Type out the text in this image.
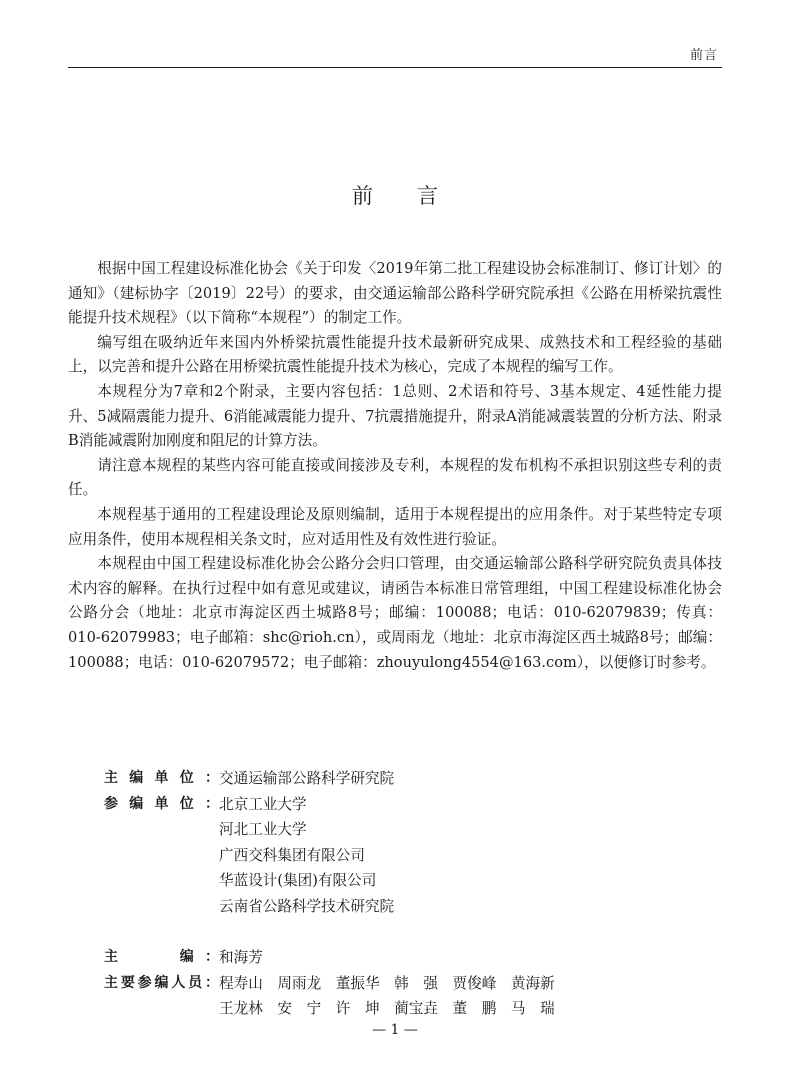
前言
前言

根据中国工程建设标准化协会《关于印发〈2019年第二批工程建设协会标准制订、修订计划〉的通知》（建标协字〔2019〕22号）的要求，由交通运输部公路科学研究院承担《公路在用桥梁抗震性能提升技术规程》（以下简称“本规程”）的制定工作。

编写组在吸纳近年来国内外桥梁抗震性能提升技术最新研究成果、成熟技术和工程经验的基础上，以完善和提升公路在用桥梁抗震性能提升技术为核心，完成了本规程的编写工作。

本规程分为7章和2个附录，主要内容包括：1总则、2术语和符号、3基本规定、4延性能力提升、5减隔震能力提升、6消能减震能力提升、7抗震措施提升，附录A消能减震装置的分析方法、附录B消能减震附加刚度和阻尼的计算方法。

请注意本规程的某些内容可能直接或间接涉及专利，本规程的发布机构不承担识别这些专利的责任。

本规程基于通用的工程建设理论及原则编制，适用于本规程提出的应用条件。对于某些特定专项应用条件，使用本规程相关条文时，应对适用性及有效性进行验证。

本规程由中国工程建设标准化协会公路分会归口管理，由交通运输部公路科学研究院负责具体技术内容的解释。在执行过程中如有意见或建议，请函告本标准日常管理组，中国工程建设标准化协会公路分会（地址：北京市海淀区西土城路8号；邮编：100088；电话：010-62079839；传真：010-62079983；电子邮箱：shc@rioh.cn），或周雨龙（地址：北京市海淀区西土城路8号；邮编：100088；电话：010-62079572；电子邮箱：zhouyulong4554@163.com），以便修订时参考。

主编单位： 交通运输部公路科学研究院
参编单位： 北京工业大学
河北工业大学
广西交科集团有限公司
华蓝设计(集团)有限公司
云南省公路科学技术研究院
主　　编： 和海芳
主要参编人员： 程寿山　周雨龙　董振华　韩　强　贾俊峰　黄海新
王龙林　安　宁　许　坤　蔺宝垚　董　鹏　马　瑞
— 1 —
